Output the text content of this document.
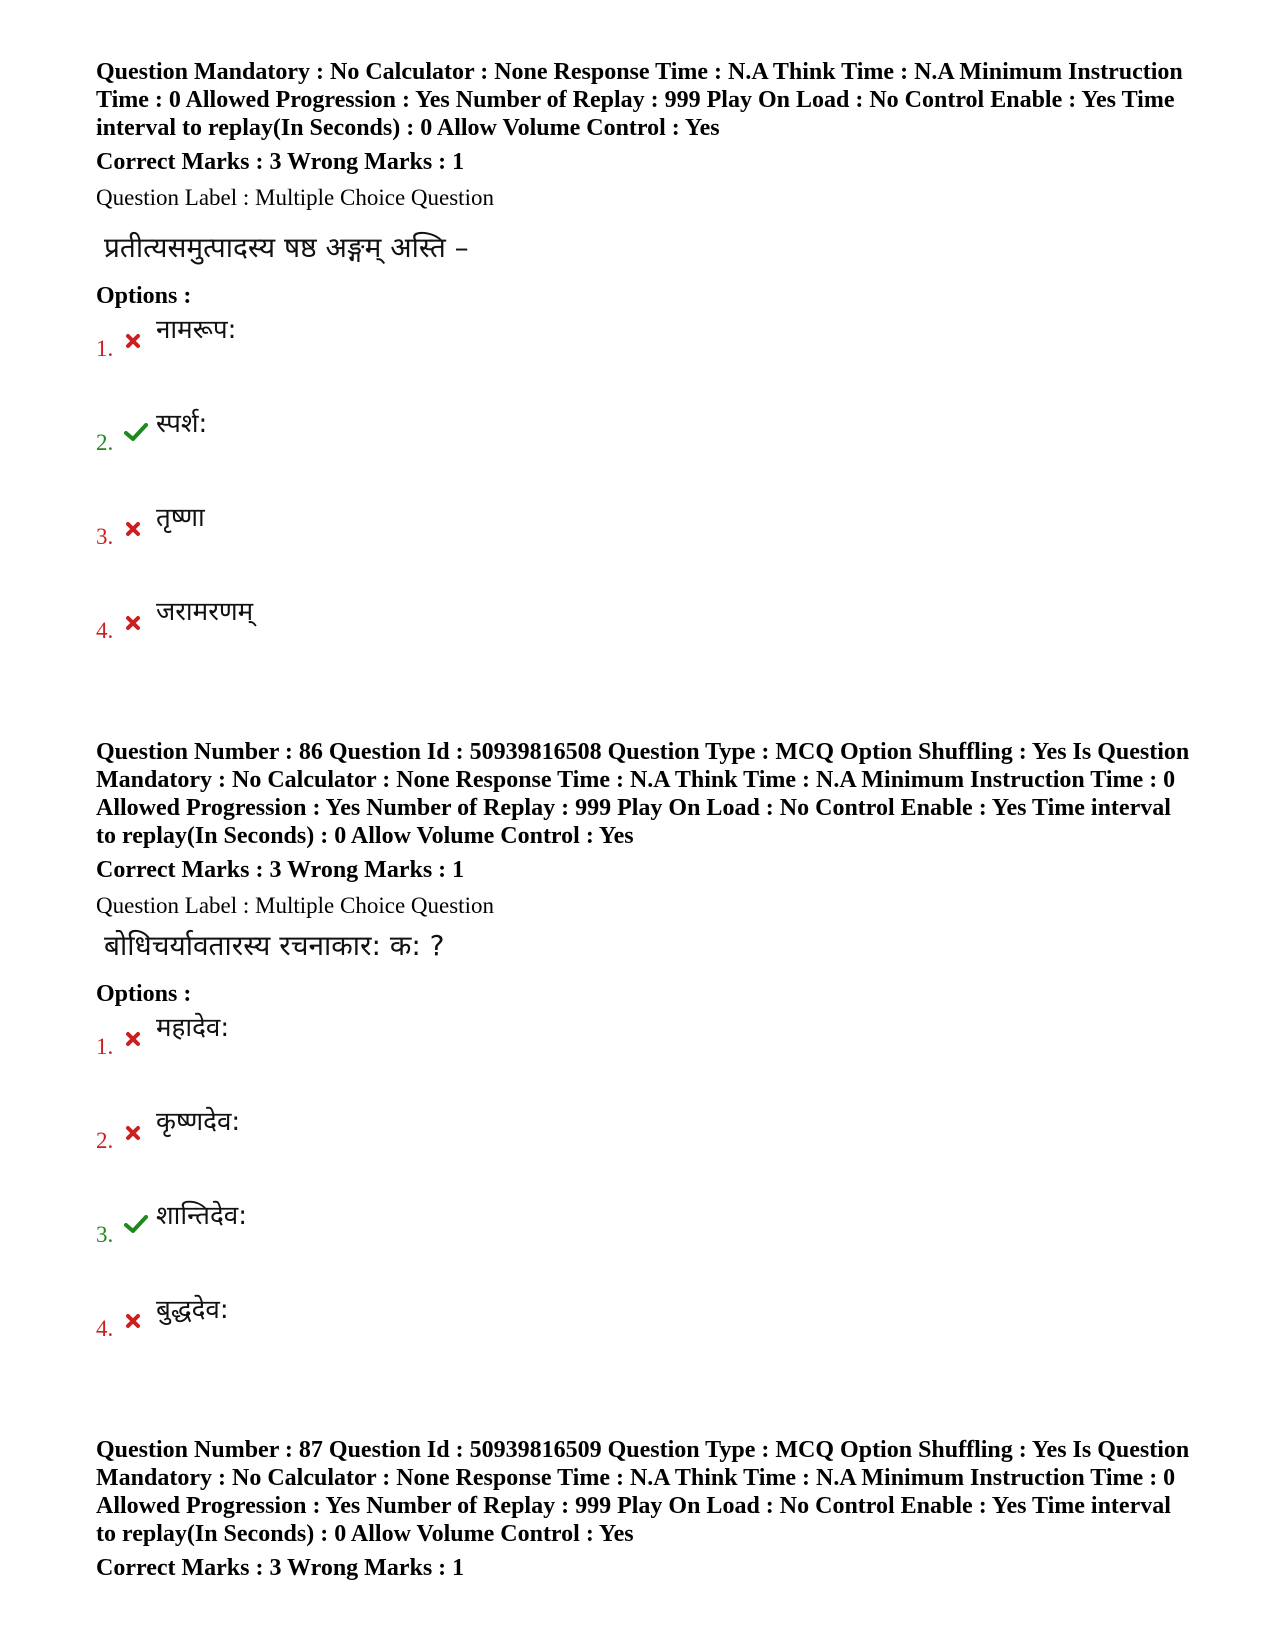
Question Mandatory : No Calculator : None Response Time : N.A Think Time : N.A Minimum Instruction Time : 0 Allowed Progression : Yes Number of Replay : 999 Play On Load : No Control Enable : Yes Time interval to replay(In Seconds) : 0 Allow Volume Control : Yes

Correct Marks : 3 Wrong Marks : 1
Question Label : Multiple Choice Question
प्रतीत्यसमुत्पादस्य षष्ठ अङ्गम् अस्ति –
Options :
1.
नामरूप:
2.
स्पर्श:
3.
तृष्णा
4.
जरामरणम्

Question Number : 86 Question Id : 50939816508 Question Type : MCQ Option Shuffling : Yes Is Question Mandatory : No Calculator : None Response Time : N.A Think Time : N.A Minimum Instruction Time : 0 Allowed Progression : Yes Number of Replay : 999 Play On Load : No Control Enable : Yes Time interval to replay(In Seconds) : 0 Allow Volume Control : Yes

Correct Marks : 3 Wrong Marks : 1
Question Label : Multiple Choice Question
बोधिचर्यावतारस्य रचनाकार: क: ?
Options :
1.
महादेव:
2.
कृष्णदेव:
3.
शान्तिदेव:
4.
बुद्धदेव:

Question Number : 87 Question Id : 50939816509 Question Type : MCQ Option Shuffling : Yes Is Question Mandatory : No Calculator : None Response Time : N.A Think Time : N.A Minimum Instruction Time : 0 Allowed Progression : Yes Number of Replay : 999 Play On Load : No Control Enable : Yes Time interval to replay(In Seconds) : 0 Allow Volume Control : Yes

Correct Marks : 3 Wrong Marks : 1
